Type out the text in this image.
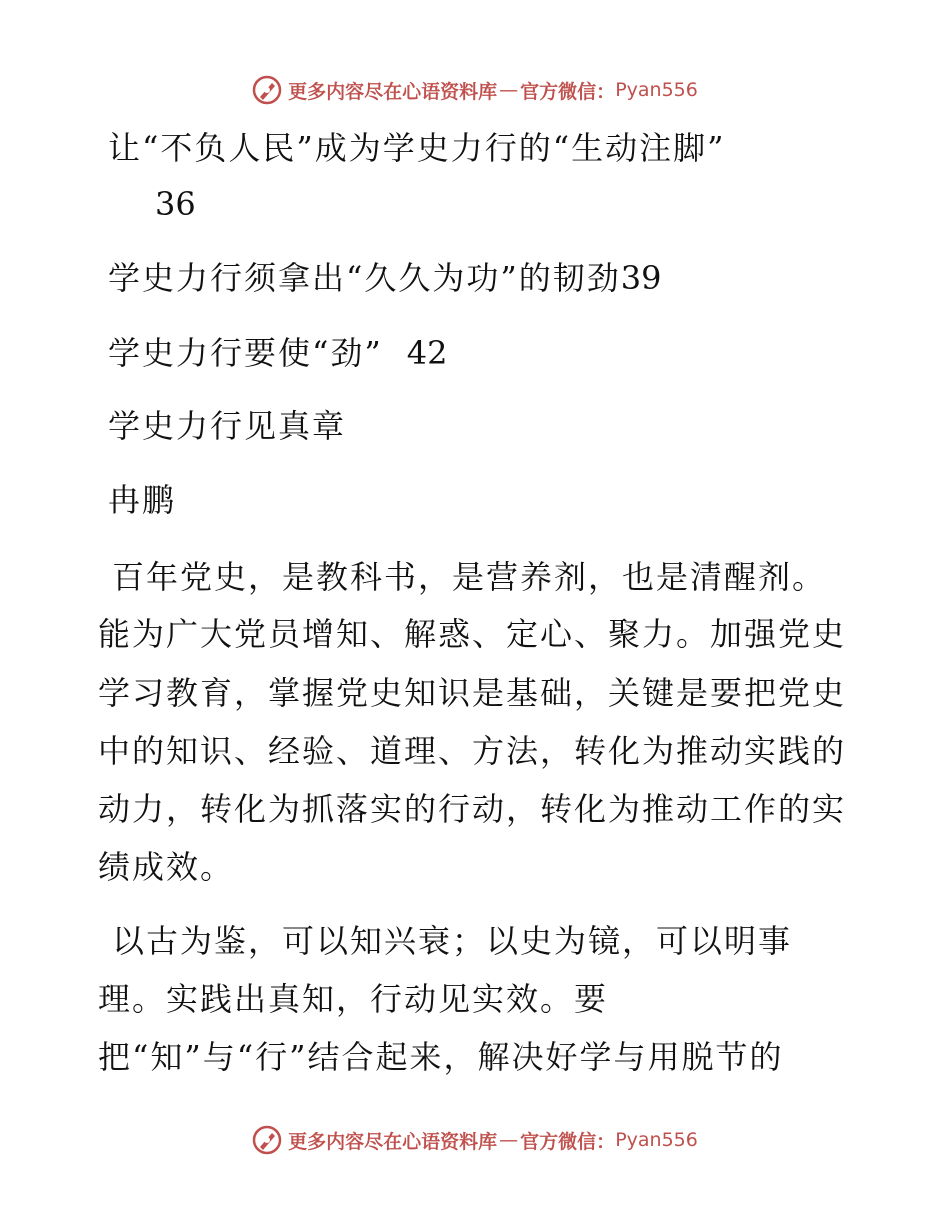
更多内容尽在心语资料库 — 官方微信： Pyan556
让“不负人民”成为学史力行的“生动注脚”
36
学史力行须拿出“久久为功”的韧劲39
学史力行要使“劲” 42
学史力行见真章
冉鹏
百年党史，是教科书，是营养剂，也是清醒剂。
能为广大党员增知、解惑、定心、聚力。加强党史
学习教育，掌握党史知识是基础，关键是要把党史
中的知识、经验、道理、方法，转化为推动实践的
动力，转化为抓落实的行动，转化为推动工作的实
绩成效。
以古为鉴，可以知兴衰；以史为镜，可以明事
理。实践出真知，行动见实效。要
把“知”与“行”结合起来，解决好学与用脱节的
更多内容尽在心语资料库 — 官方微信： Pyan556
